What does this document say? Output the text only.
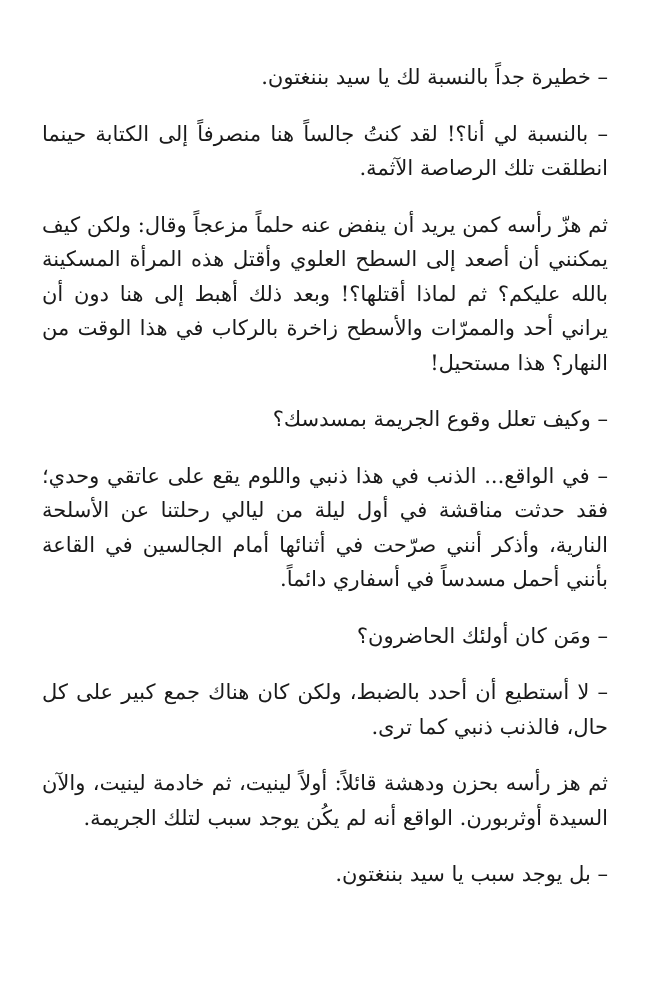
– خطيرة جداً بالنسبة لك يا سيد بننغتون.

– بالنسبة لي أنا؟! لقد كنتُ جالساً هنا منصرفاً إلى الكتابة حينما انطلقت تلك الرصاصة الآثمة.

ثم هزّ رأسه كمن يريد أن ينفض عنه حلماً مزعجاً وقال: ولكن كيف يمكنني أن أصعد إلى السطح العلوي وأقتل هذه المرأة المسكينة بالله عليكم؟ ثم لماذا أقتلها؟! وبعد ذلك أهبط إلى هنا دون أن يراني أحد والممرّات والأسطح زاخرة بالركاب في هذا الوقت من النهار؟ هذا مستحيل!

– وكيف تعلل وقوع الجريمة بمسدسك؟

– في الواقع... الذنب في هذا ذنبي واللوم يقع على عاتقي وحدي؛ فقد حدثت مناقشة في أول ليلة من ليالي رحلتنا عن الأسلحة النارية، وأذكر أنني صرّحت في أثنائها أمام الجالسين في القاعة بأنني أحمل مسدساً في أسفاري دائماً.

– ومَن كان أولئك الحاضرون؟

– لا أستطيع أن أحدد بالضبط، ولكن كان هناك جمع كبير على كل حال، فالذنب ذنبي كما ترى.

ثم هز رأسه بحزن ودهشة قائلاً: أولاً لينيت، ثم خادمة لينيت، والآن السيدة أوثربورن. الواقع أنه لم يكُن يوجد سبب لتلك الجريمة.

– بل يوجد سبب يا سيد بننغتون.
